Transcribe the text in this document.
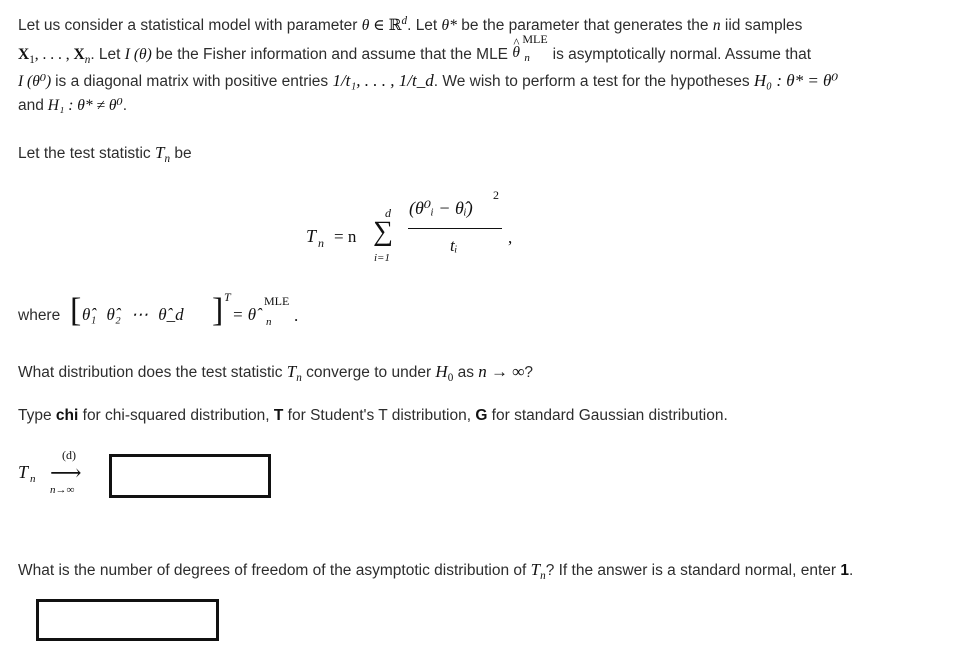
Let us consider a statistical model with parameter θ ∈ ℝ$^d$. Let θ* be the parameter that generates the n iid samples
$X_1$, . . . , $X_n$. Let I (θ) be the Fisher information and assume that the MLE
^ θ
MLE
n is asymptotically normal. Assume that
I (θ⁰) is a diagonal matrix with positive entries 1/t₁, . . . , 1/t_d. We wish to perform a test for the hypotheses H₀ : θ* = θ⁰
and H₁ : θ* ≠ θ⁰.
Let the test statistic $T_n$ be
T n = n
d
∑
i=1
(θ⁰ᵢ − θ̂ᵢ)
2
tᵢ	,
where [ θ̂₁ θ̂₂ ⋯ θ̂_d ] T
= θ̂
MLE
n .
What distribution does the test statistic $T_n$ converge to under $H_0$ as n → ∞?
Type chi for chi-squared distribution, T for Student's T distribution, G for standard Gaussian distribution.
T n
(d)
⟶
n→∞
What is the number of degrees of freedom of the asymptotic distribution of $T_n$? If the answer is a standard normal, enter 1.
